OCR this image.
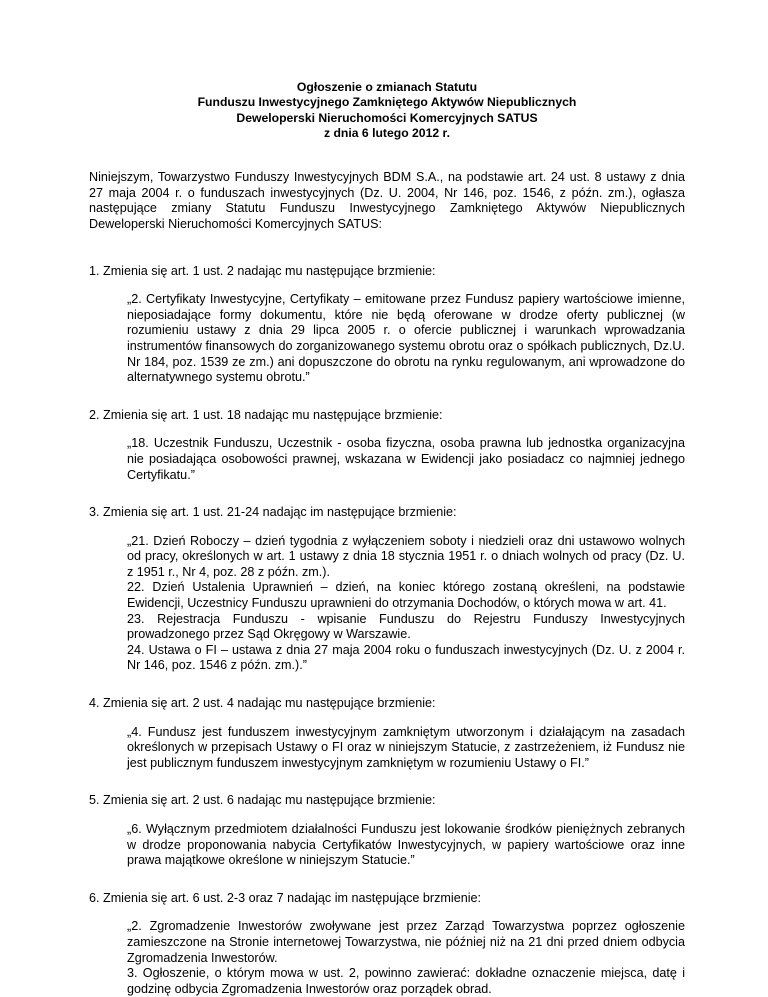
Ogłoszenie o zmianach Statutu
Funduszu Inwestycyjnego Zamkniętego Aktywów Niepublicznych
Deweloperski Nieruchomości Komercyjnych SATUS
z dnia 6 lutego 2012 r.
Niniejszym, Towarzystwo Funduszy Inwestycyjnych BDM S.A., na podstawie art. 24 ust. 8 ustawy z dnia 27 maja 2004 r. o funduszach inwestycyjnych (Dz. U. 2004, Nr 146, poz. 1546, z późn. zm.), ogłasza następujące zmiany Statutu Funduszu Inwestycyjnego Zamkniętego Aktywów Niepublicznych Deweloperski Nieruchomości Komercyjnych SATUS:
1. Zmienia się art. 1 ust. 2 nadając mu następujące brzmienie:

„2. Certyfikaty Inwestycyjne, Certyfikaty – emitowane przez Fundusz papiery wartościowe imienne, nieposiadające formy dokumentu, które nie będą oferowane w drodze oferty publicznej (w rozumieniu ustawy z dnia 29 lipca 2005 r. o ofercie publicznej i warunkach wprowadzania instrumentów finansowych do zorganizowanego systemu obrotu oraz o spółkach publicznych, Dz.U. Nr 184, poz. 1539 ze zm.) ani dopuszczone do obrotu na rynku regulowanym, ani wprowadzone do alternatywnego systemu obrotu.”

2. Zmienia się art. 1 ust. 18 nadając mu następujące brzmienie:

„18. Uczestnik Funduszu, Uczestnik - osoba fizyczna, osoba prawna lub jednostka organizacyjna nie posiadająca osobowości prawnej, wskazana w Ewidencji jako posiadacz co najmniej jednego Certyfikatu.”

3. Zmienia się art. 1 ust. 21-24 nadając im następujące brzmienie:

„21. Dzień Roboczy – dzień tygodnia z wyłączeniem soboty i niedzieli oraz dni ustawowo wolnych od pracy, określonych w art. 1 ustawy z dnia 18 stycznia 1951 r. o dniach wolnych od pracy (Dz. U. z 1951 r., Nr 4, poz. 28 z późn. zm.).

22. Dzień Ustalenia Uprawnień – dzień, na koniec którego zostaną określeni, na podstawie Ewidencji, Uczestnicy Funduszu uprawnieni do otrzymania Dochodów, o których mowa w art. 41.

23. Rejestracja Funduszu - wpisanie Funduszu do Rejestru Funduszy Inwestycyjnych prowadzonego przez Sąd Okręgowy w Warszawie.

24. Ustawa o FI – ustawa z dnia 27 maja 2004 roku o funduszach inwestycyjnych (Dz. U. z 2004 r. Nr 146, poz. 1546 z późn. zm.).”

4. Zmienia się art. 2 ust. 4 nadając mu następujące brzmienie:

„4. Fundusz jest funduszem inwestycyjnym zamkniętym utworzonym i działającym na zasadach określonych w przepisach Ustawy o FI oraz w niniejszym Statucie, z zastrzeżeniem, iż Fundusz nie jest publicznym funduszem inwestycyjnym zamkniętym w rozumieniu Ustawy o FI.”

5. Zmienia się art. 2 ust. 6 nadając mu następujące brzmienie:

„6. Wyłącznym przedmiotem działalności Funduszu jest lokowanie środków pieniężnych zebranych w drodze proponowania nabycia Certyfikatów Inwestycyjnych, w papiery wartościowe oraz inne prawa majątkowe określone w niniejszym Statucie.”

6. Zmienia się art. 6 ust. 2-3 oraz 7 nadając im następujące brzmienie:

„2. Zgromadzenie Inwestorów zwoływane jest przez Zarząd Towarzystwa poprzez ogłoszenie zamieszczone na Stronie internetowej Towarzystwa, nie później niż na 21 dni przed dniem odbycia Zgromadzenia Inwestorów.

3. Ogłoszenie, o którym mowa w ust. 2, powinno zawierać: dokładne oznaczenie miejsca, datę i godzinę odbycia Zgromadzenia Inwestorów oraz porządek obrad.
